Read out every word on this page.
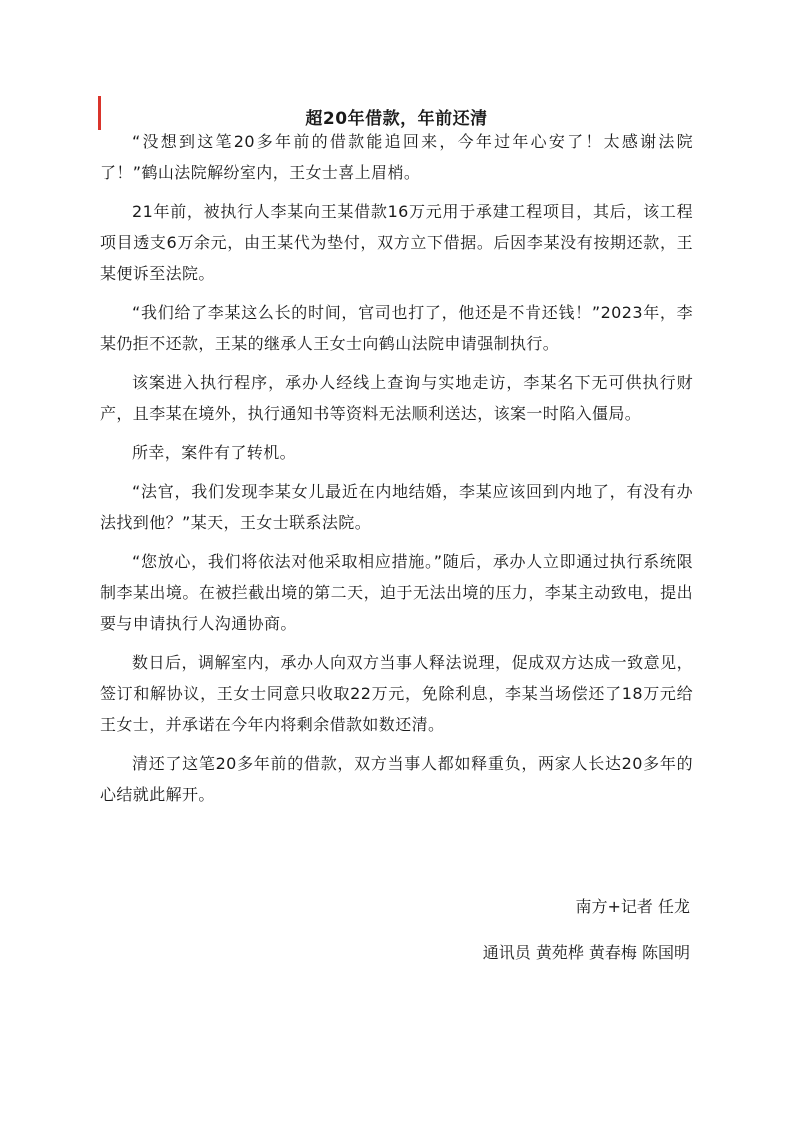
超20年借款，年前还清

“没想到这笔20多年前的借款能追回来，今年过年心安了！太感谢法院了！”鹤山法院解纷室内，王女士喜上眉梢。

21年前，被执行人李某向王某借款16万元用于承建工程项目，其后，该工程项目透支6万余元，由王某代为垫付，双方立下借据。后因李某没有按期还款，王某便诉至法院。

“我们给了李某这么长的时间，官司也打了，他还是不肯还钱！”2023年，李某仍拒不还款，王某的继承人王女士向鹤山法院申请强制执行。

该案进入执行程序，承办人经线上查询与实地走访，李某名下无可供执行财产，且李某在境外，执行通知书等资料无法顺利送达，该案一时陷入僵局。

所幸，案件有了转机。

“法官，我们发现李某女儿最近在内地结婚，李某应该回到内地了，有没有办法找到他？”某天，王女士联系法院。

“您放心，我们将依法对他采取相应措施。”随后，承办人立即通过执行系统限制李某出境。在被拦截出境的第二天，迫于无法出境的压力，李某主动致电，提出要与申请执行人沟通协商。

数日后，调解室内，承办人向双方当事人释法说理，促成双方达成一致意见，签订和解协议，王女士同意只收取22万元，免除利息，李某当场偿还了18万元给王女士，并承诺在今年内将剩余借款如数还清。

清还了这笔20多年前的借款，双方当事人都如释重负，两家人长达20多年的心结就此解开。

南方+记者 任龙
通讯员 黄苑桦 黄春梅 陈国明
